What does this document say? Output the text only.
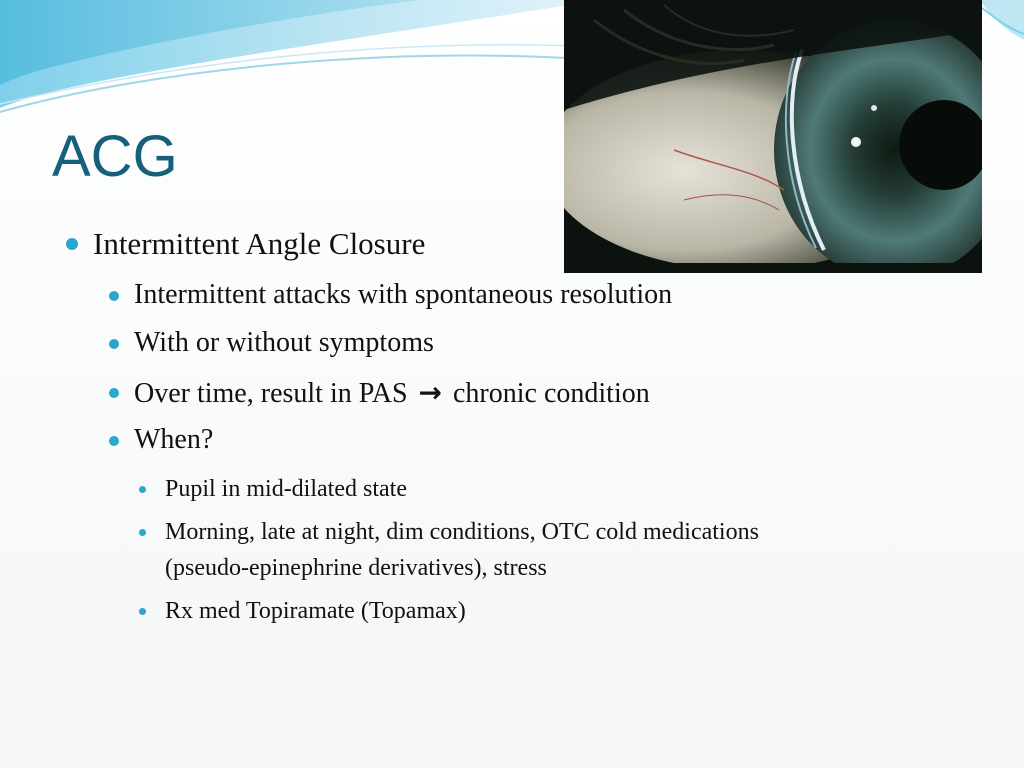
ACG
Intermittent Angle Closure
Intermittent attacks with spontaneous resolution
With or without symptoms
Over time, result in PAS → chronic condition
When?
Pupil in mid-dilated state
Morning, late at night, dim conditions, OTC cold medications
(pseudo-epinephrine derivatives), stress
Rx med Topiramate (Topamax)
